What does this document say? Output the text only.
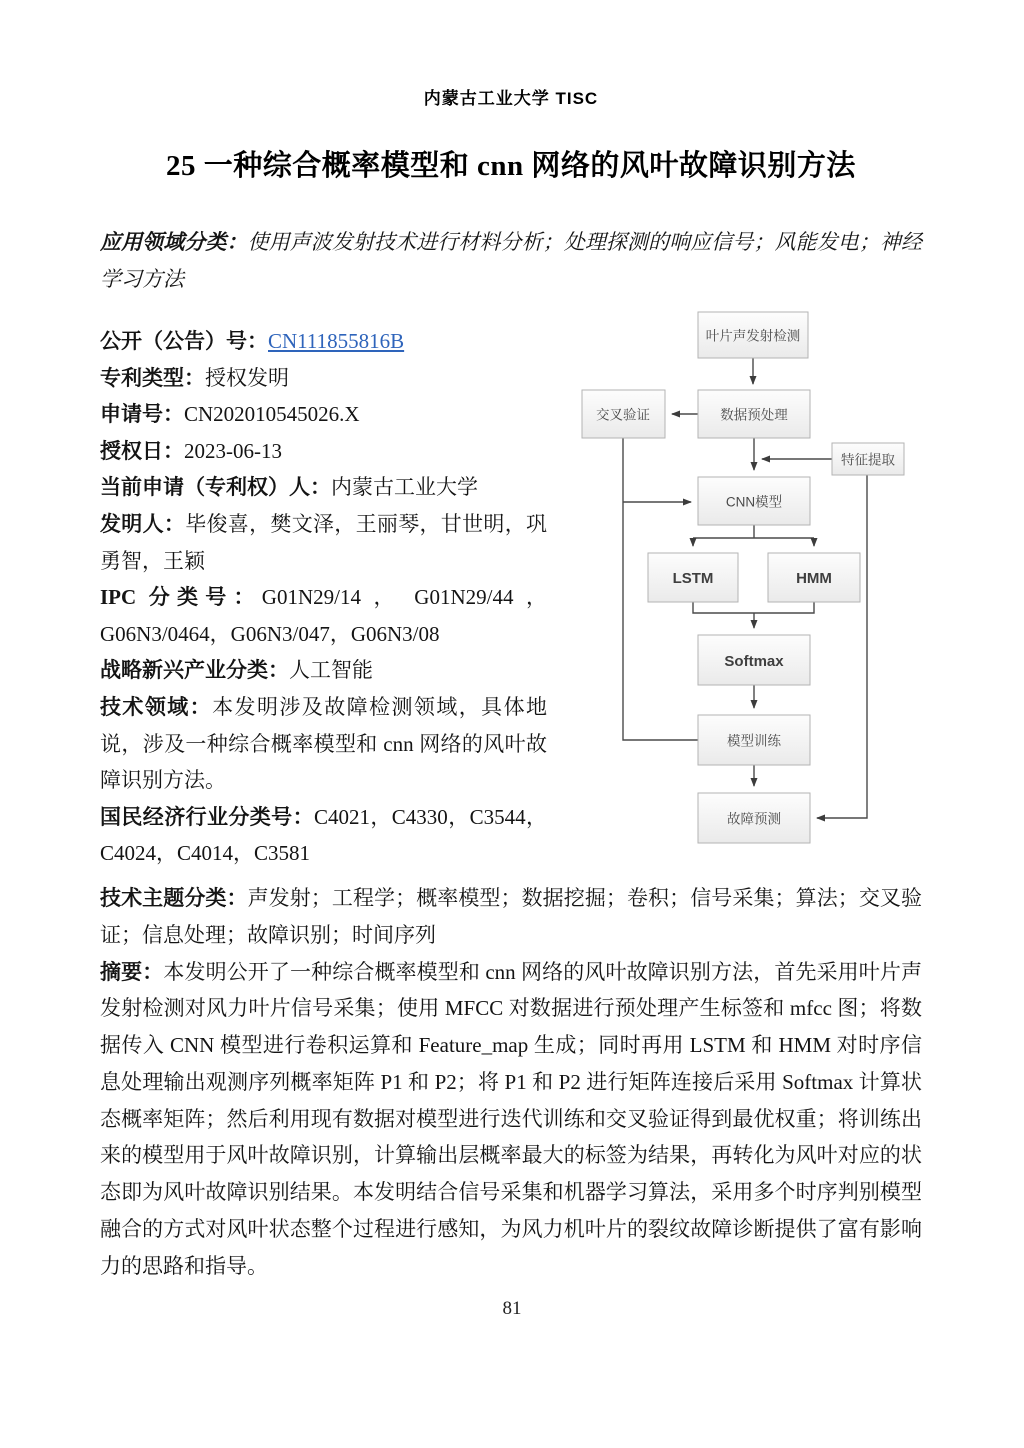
内蒙古工业大学 TISC
25 一种综合概率模型和 cnn 网络的风叶故障识别方法

应用领域分类：使用声波发射技术进行材料分析；处理探测的响应信号；风能发电；神经学习方法

公开（公告）号：CN111855816B

专利类型：授权发明

申请号：CN202010545026.X

授权日：2023-06-13

当前申请（专利权）人：内蒙古工业大学

发明人：毕俊喜，樊文泽，王丽琴，甘世明，巩勇智，王颖

IPC 分类号：G01N29/14 ， G01N29/44 ，G06N3/0464，G06N3/047，G06N3/08

战略新兴产业分类：人工智能

技术领域：本发明涉及故障检测领域，具体地说，涉及一种综合概率模型和 cnn 网络的风叶故障识别方法。

国民经济行业分类号：C4021，C4330，C3544，C4024，C4014，C3581

叶片声发射检测
数据预处理
交叉验证
特征提取
CNN模型
LSTM	HMM
Softmax
模型训练
故障预测

技术主题分类：声发射；工程学；概率模型；数据挖掘；卷积；信号采集；算法；交叉验证；信息处理；故障识别；时间序列

摘要：本发明公开了一种综合概率模型和 cnn 网络的风叶故障识别方法，首先采用叶片声发射检测对风力叶片信号采集；使用 MFCC 对数据进行预处理产生标签和 mfcc 图；将数据传入 CNN 模型进行卷积运算和 Feature_map 生成；同时再用 LSTM 和 HMM 对时序信息处理输出观测序列概率矩阵 P1 和 P2；将 P1 和 P2 进行矩阵连接后采用 Softmax 计算状态概率矩阵；然后利用现有数据对模型进行迭代训练和交叉验证得到最优权重；将训练出来的模型用于风叶故障识别，计算输出层概率最大的标签为结果，再转化为风叶对应的状态即为风叶故障识别结果。本发明结合信号采集和机器学习算法，采用多个时序判别模型融合的方式对风叶状态整个过程进行感知，为风力机叶片的裂纹故障诊断提供了富有影响力的思路和指导。

81
